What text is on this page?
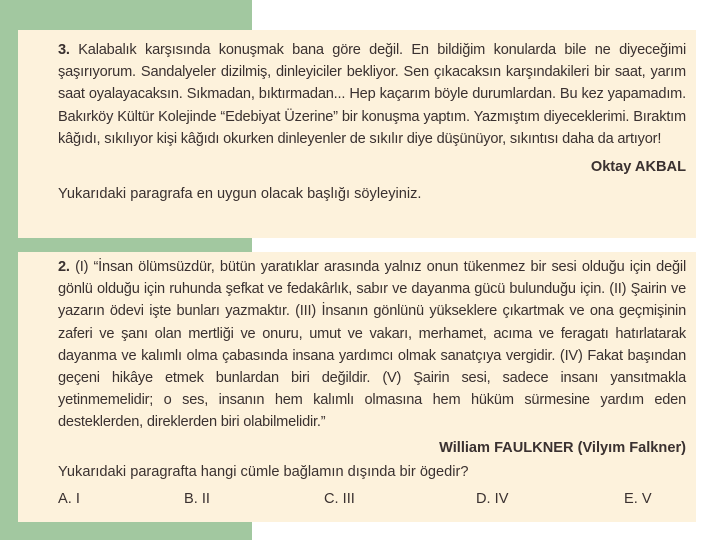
3. Kalabalık karşısında konuşmak bana göre değil. En bildiğim konularda bile ne diyeceğimi şaşırıyorum. Sandalyeler dizilmiş, dinleyiciler bekliyor. Sen çıkacaksın karşındakileri bir saat, yarım saat oyalayacaksın. Sıkmadan, bıktırmadan... Hep kaçarım böyle durumlardan. Bu kez yapamadım. Bakırköy Kültür Kolejinde “Edebiyat Üzerine” bir konuşma yaptım. Yazmıştım diyeceklerimi. Bıraktım kâğıdı, sıkılıyor kişi kâğıdı okurken dinleyenler de sıkılır diye düşünüyor, sıkıntısı daha da artıyor!

Oktay AKBAL

Yukarıdaki paragrafa en uygun olacak başlığı söyleyiniz.

2. (I) “İnsan ölümsüzdür, bütün yaratıklar arasında yalnız onun tükenmez bir sesi olduğu için değil gönlü olduğu için ruhunda şefkat ve fedakârlık, sabır ve dayanma gücü bulunduğu için. (II) Şairin ve yazarın ödevi işte bunları yazmaktır. (III) İnsanın gönlünü yükseklere çıkartmak ve ona geçmişinin zaferi ve şanı olan mertliği ve onuru, umut ve vakarı, merhamet, acıma ve feragatı hatırlatarak dayanma ve kalımlı olma çabasında insana yardımcı olmak sanatçıya vergidir. (IV) Fakat başından geçeni hikâye etmek bunlardan biri değildir. (V) Şairin sesi, sadece insanı yansıtmakla yetinmemelidir; o ses, insanın hem kalımlı olmasına hem hüküm sürmesine yardım eden desteklerden, direklerden biri olabilmelidir.”

William FAULKNER (Vilyım Falkner)

Yukarıdaki paragrafta hangi cümle bağlamın dışında bir ögedir?

A. I	B. II	C. III	D. IV	E. V
